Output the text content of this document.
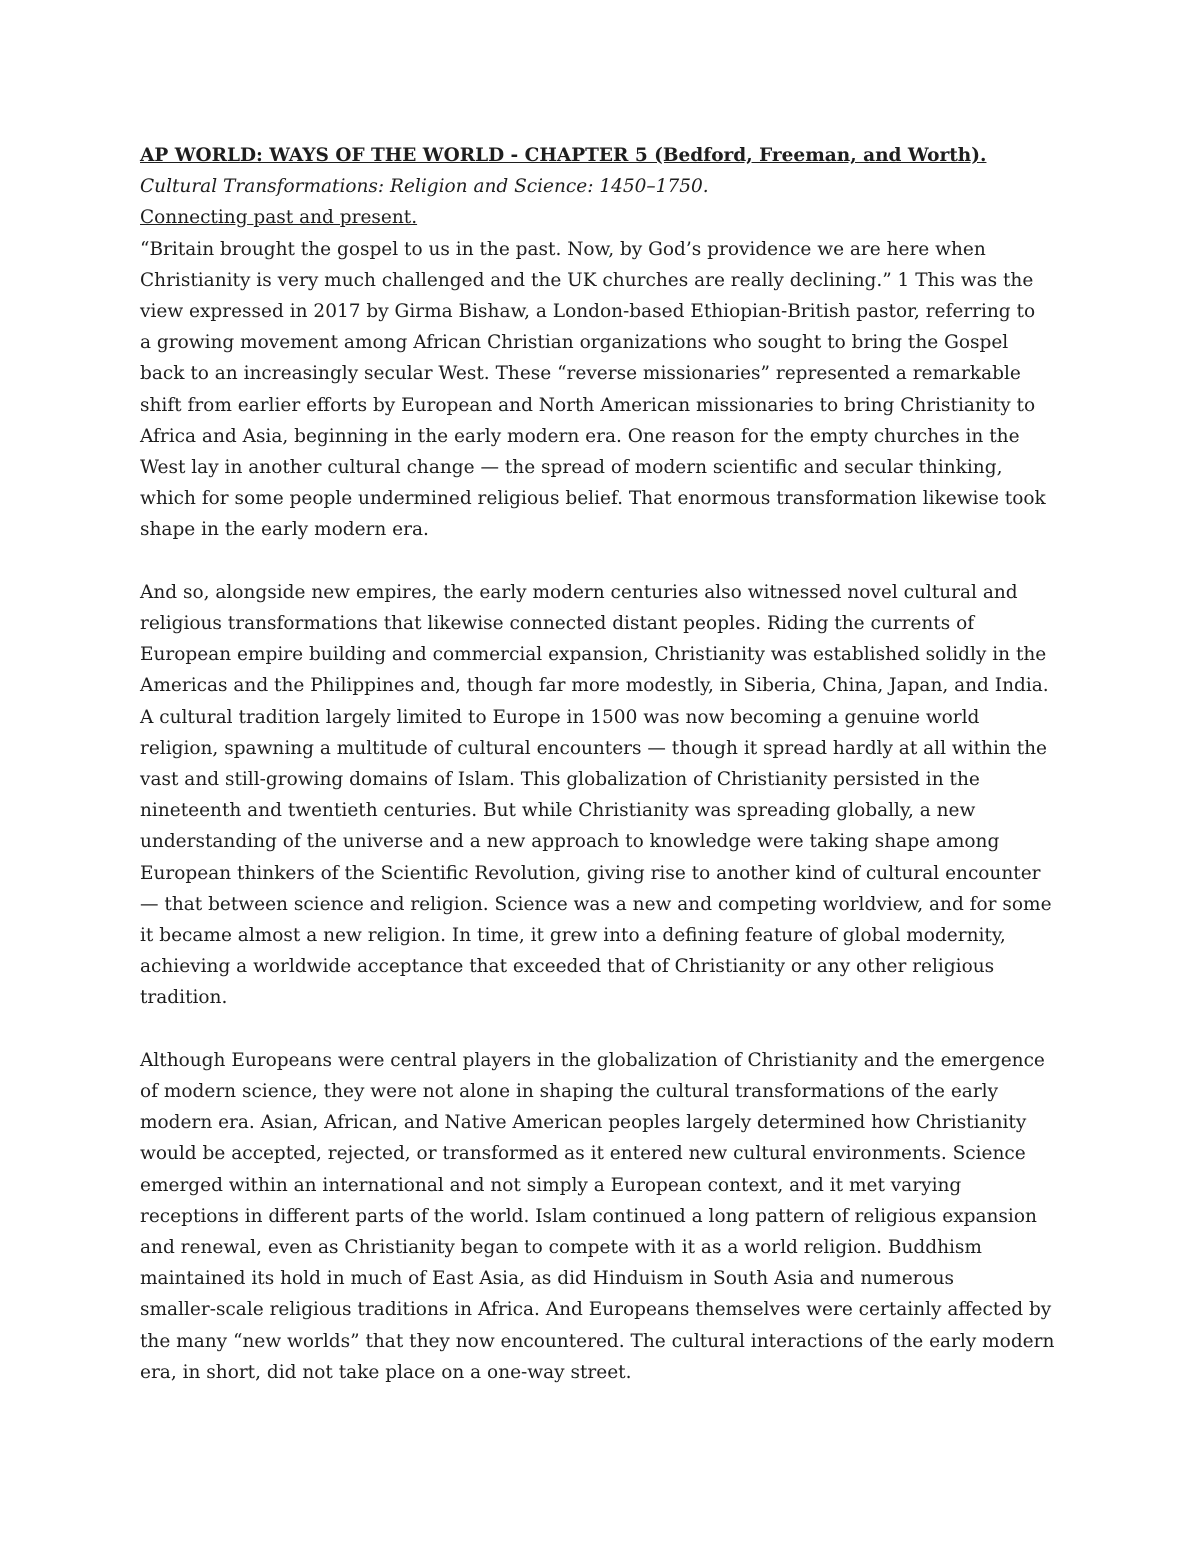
AP WORLD: WAYS OF THE WORLD - CHAPTER 5 (Bedford, Freeman, and Worth).

Cultural Transformations: Religion and Science: 1450–1750.

Connecting past and present.

“Britain brought the gospel to us in the past. Now, by God’s providence we are here when
Christianity is very much challenged and the UK churches are really declining.” 1 This was the
view expressed in 2017 by Girma Bishaw, a London-based Ethiopian-British pastor, referring to
a growing movement among African Christian organizations who sought to bring the Gospel
back to an increasingly secular West. These “reverse missionaries” represented a remarkable
shift from earlier efforts by European and North American missionaries to bring Christianity to
Africa and Asia, beginning in the early modern era. One reason for the empty churches in the
West lay in another cultural change — the spread of modern scientific and secular thinking,
which for some people undermined religious belief. That enormous transformation likewise took
shape in the early modern era.

And so, alongside new empires, the early modern centuries also witnessed novel cultural and
religious transformations that likewise connected distant peoples. Riding the currents of
European empire building and commercial expansion, Christianity was established solidly in the
Americas and the Philippines and, though far more modestly, in Siberia, China, Japan, and India.
A cultural tradition largely limited to Europe in 1500 was now becoming a genuine world
religion, spawning a multitude of cultural encounters — though it spread hardly at all within the
vast and still-growing domains of Islam. This globalization of Christianity persisted in the
nineteenth and twentieth centuries. But while Christianity was spreading globally, a new
understanding of the universe and a new approach to knowledge were taking shape among
European thinkers of the Scientific Revolution, giving rise to another kind of cultural encounter
— that between science and religion. Science was a new and competing worldview, and for some
it became almost a new religion. In time, it grew into a defining feature of global modernity,
achieving a worldwide acceptance that exceeded that of Christianity or any other religious
tradition.

Although Europeans were central players in the globalization of Christianity and the emergence
of modern science, they were not alone in shaping the cultural transformations of the early
modern era. Asian, African, and Native American peoples largely determined how Christianity
would be accepted, rejected, or transformed as it entered new cultural environments. Science
emerged within an international and not simply a European context, and it met varying
receptions in different parts of the world. Islam continued a long pattern of religious expansion
and renewal, even as Christianity began to compete with it as a world religion. Buddhism
maintained its hold in much of East Asia, as did Hinduism in South Asia and numerous
smaller-scale religious traditions in Africa. And Europeans themselves were certainly affected by
the many “new worlds” that they now encountered. The cultural interactions of the early modern
era, in short, did not take place on a one-way street.
